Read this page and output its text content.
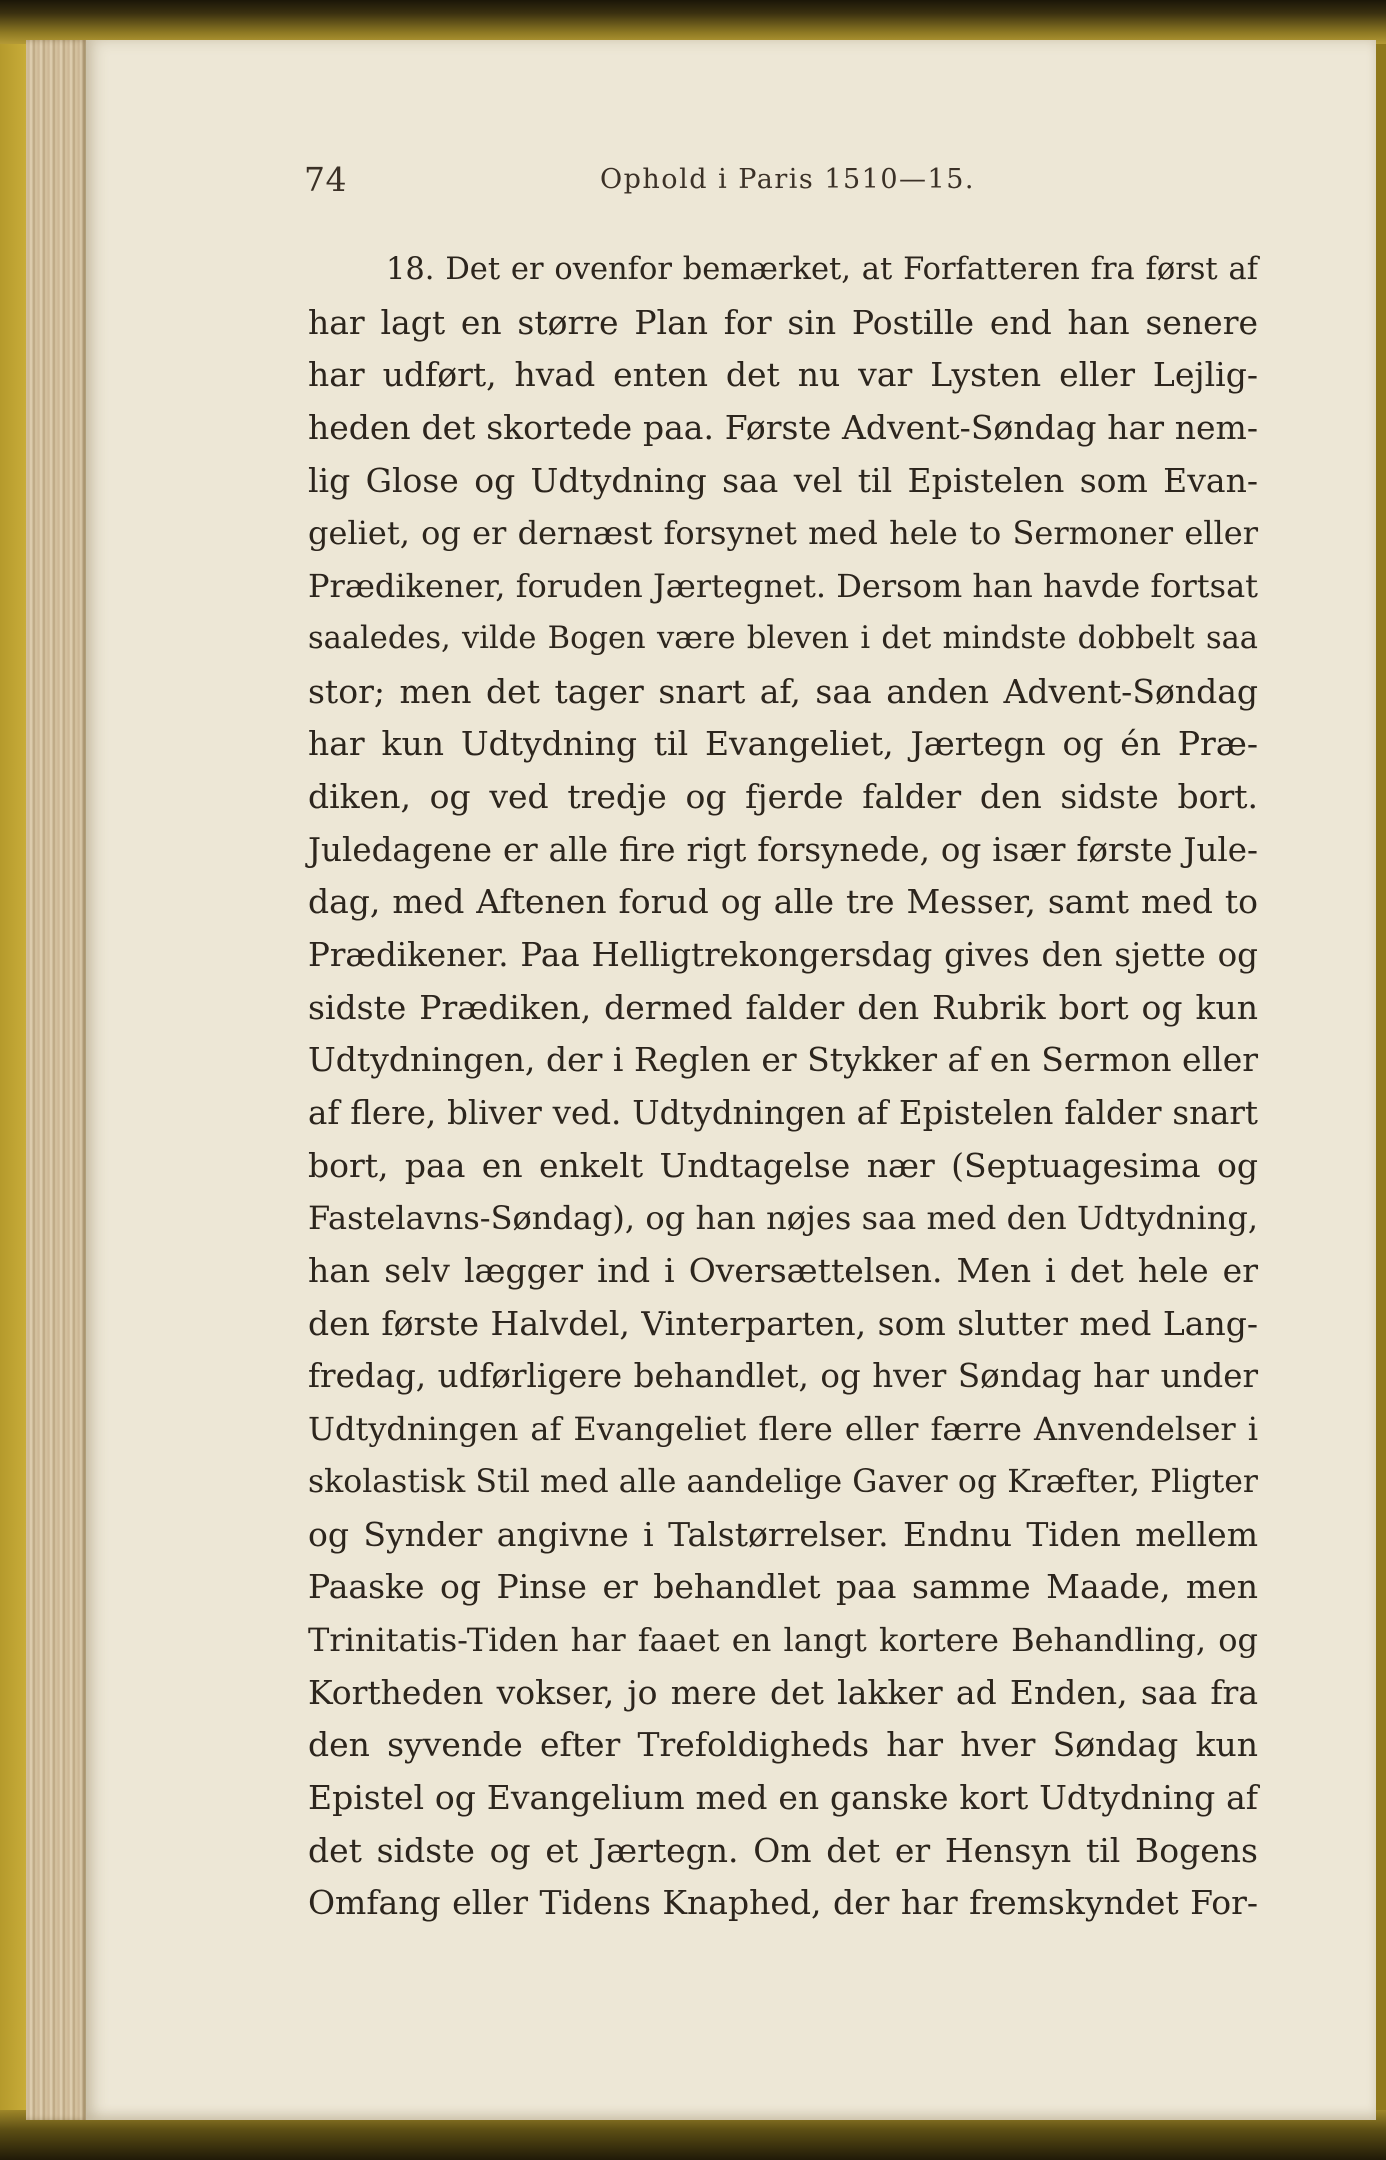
74	Ophold i Paris 1510—15.
18. Det er ovenfor bemærket, at Forfatteren fra først af
har lagt en større Plan for sin Postille end han senere
har udført, hvad enten det nu var Lysten eller Lejlig-
heden det skortede paa. Første Advent-Søndag har nem-
lig Glose og Udtydning saa vel til Epistelen som Evan-
geliet, og er dernæst forsynet med hele to Sermoner eller
Prædikener, foruden Jærtegnet. Dersom han havde fortsat
saaledes, vilde Bogen være bleven i det mindste dobbelt saa
stor; men det tager snart af, saa anden Advent-Søndag
har kun Udtydning til Evangeliet, Jærtegn og én Præ-
diken, og ved tredje og fjerde falder den sidste bort.
Juledagene er alle fire rigt forsynede, og især første Jule-
dag, med Aftenen forud og alle tre Messer, samt med to
Prædikener. Paa Helligtrekongersdag gives den sjette og
sidste Prædiken, dermed falder den Rubrik bort og kun
Udtydningen, der i Reglen er Stykker af en Sermon eller
af flere, bliver ved. Udtydningen af Epistelen falder snart
bort, paa en enkelt Undtagelse nær (Septuagesima og
Fastelavns-Søndag), og han nøjes saa med den Udtydning,
han selv lægger ind i Oversættelsen. Men i det hele er
den første Halvdel, Vinterparten, som slutter med Lang-
fredag, udførligere behandlet, og hver Søndag har under
Udtydningen af Evangeliet flere eller færre Anvendelser i
skolastisk Stil med alle aandelige Gaver og Kræfter, Pligter
og Synder angivne i Talstørrelser. Endnu Tiden mellem
Paaske og Pinse er behandlet paa samme Maade, men
Trinitatis-Tiden har faaet en langt kortere Behandling, og
Kortheden vokser, jo mere det lakker ad Enden, saa fra
den syvende efter Trefoldigheds har hver Søndag kun
Epistel og Evangelium med en ganske kort Udtydning af
det sidste og et Jærtegn. Om det er Hensyn til Bogens
Omfang eller Tidens Knaphed, der har fremskyndet For-
